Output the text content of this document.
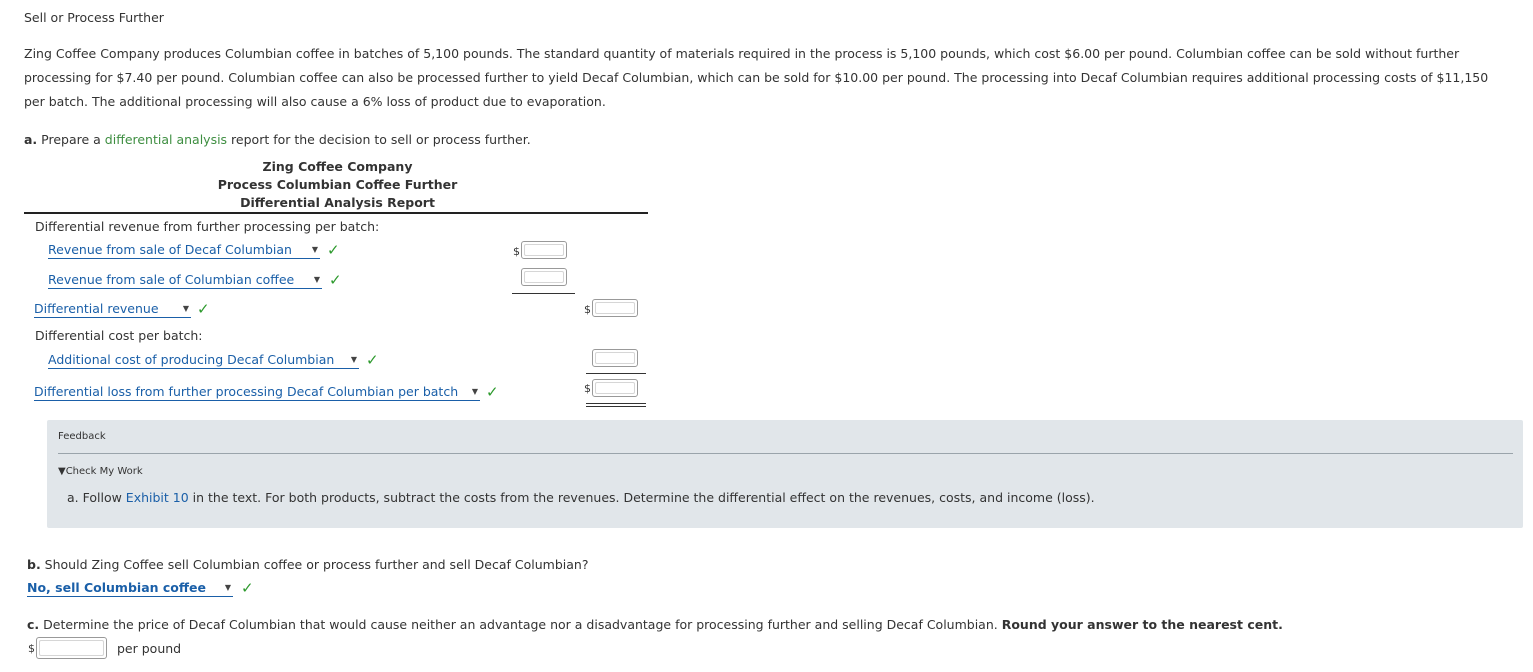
Sell or Process Further
Zing Coffee Company produces Columbian coffee in batches of 5,100 pounds. The standard quantity of materials required in the process is 5,100 pounds, which cost $6.00 per pound. Columbian coffee can be sold without further processing for $7.40 per pound. Columbian coffee can also be processed further to yield Decaf Columbian, which can be sold for $10.00 per pound. The processing into Decaf Columbian requires additional processing costs of $11,150 per batch. The additional processing will also cause a 6% loss of product due to evaporation.
a. Prepare a differential analysis report for the decision to sell or process further.
Zing Coffee Company
Process Columbian Coffee Further
Differential Analysis Report
Differential revenue from further processing per batch:
Revenue from sale of Decaf Columbian ▼ ✓	$
Revenue from sale of Columbian coffee ▼ ✓
Differential revenue	▼ ✓	$
Differential cost per batch:
Additional cost of producing Decaf Columbian ▼ ✓
Differential loss from further processing Decaf Columbian per batch ▼ ✓	$
Feedback
▼Check My Work
a. Follow Exhibit 10 in the text. For both products, subtract the costs from the revenues. Determine the differential effect on the revenues, costs, and income (loss).
b. Should Zing Coffee sell Columbian coffee or process further and sell Decaf Columbian?
No, sell Columbian coffee ▼ ✓
c. Determine the price of Decaf Columbian that would cause neither an advantage nor a disadvantage for processing further and selling Decaf Columbian. Round your answer to the nearest cent.
$	per pound
